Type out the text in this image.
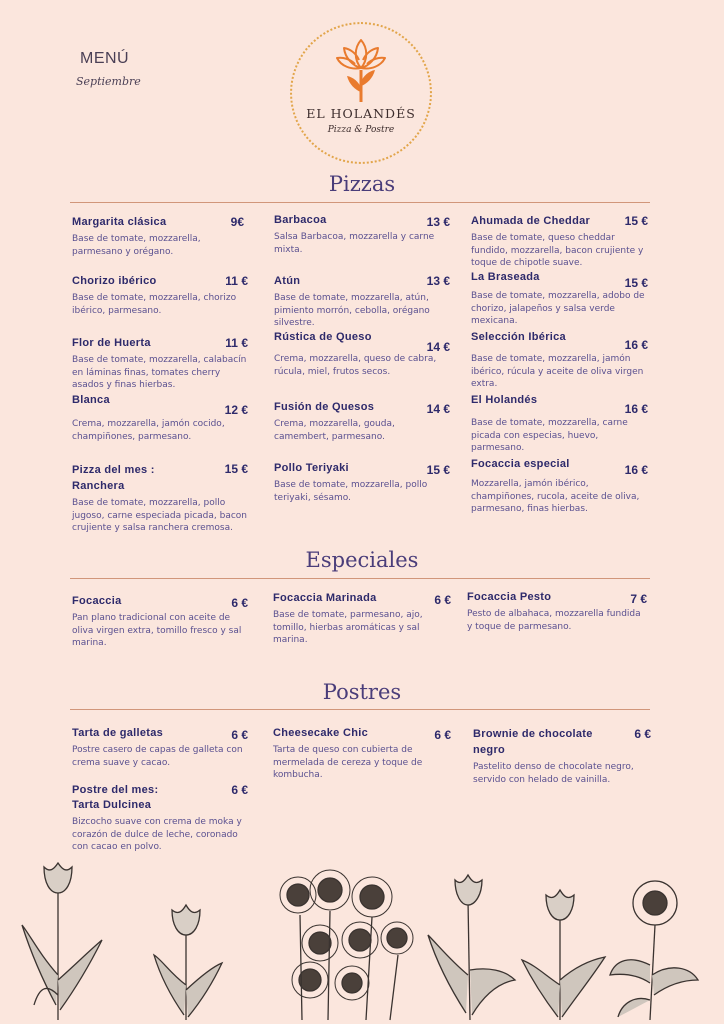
MENÚ
Septiembre
EL HOLANDÉS
Pizza & Postre
Pizzas
Margarita clásica	9€
Base de tomate, mozzarella, parmesano y orégano.
Chorizo ibérico	11 €
Base de tomate, mozzarella, chorizo ibérico, parmesano.
Flor de Huerta	11 €
Base de tomate, mozzarella, calabacín en láminas finas, tomates cherry asados y finas hierbas.
Blanca
12 €
Crema, mozzarella, jamón cocido, champiñones, parmesano.
Pizza del mes : Ranchera
15 €
Base de tomate, mozzarella, pollo jugoso, carne especiada picada, bacon crujiente y salsa ranchera cremosa.
Barbacoa	13 €
Salsa Barbacoa, mozzarella y carne mixta.
Atún	13 €
Base de tomate, mozzarella, atún, pimiento morrón, cebolla, orégano silvestre.
Rústica de Queso
14 €
Crema, mozzarella, queso de cabra, rúcula, miel, frutos secos.
Fusión de Quesos	14 €
Crema, mozzarella, gouda, camembert, parmesano.
Pollo Teriyaki	15 €
Base de tomate, mozzarella, pollo teriyaki, sésamo.
Ahumada de Cheddar	15 €
Base de tomate, queso cheddar fundido, mozzarella, bacon crujiente y toque de chipotle suave.
La Braseada	15 €
Base de tomate, mozzarella, adobo de chorizo, jalapeños y salsa verde mexicana.
Selección Ibérica
16 €
Base de tomate, mozzarella, jamón ibérico, rúcula y aceite de oliva virgen extra.
El Holandés
16 €
Base de tomate, mozzarella, carne picada con especias, huevo, parmesano.
Focaccia especial	16 €
Mozzarella, jamón ibérico, champiñones, rucola, aceite de oliva, parmesano, finas hierbas.
Especiales
Focaccia	6 €
Pan plano tradicional con aceite de oliva virgen extra, tomillo fresco y sal marina.
Focaccia Marinada	6 €
Base de tomate, parmesano, ajo, tomillo, hierbas aromáticas y sal marina.
Focaccia Pesto	7 €
Pesto de albahaca, mozzarella fundida y toque de parmesano.
Postres
Tarta de galletas	6 €
Postre casero de capas de galleta con crema suave y cacao.
Postre del mes: Tarta Dulcinea
6 €
Bizcocho suave con crema de moka y corazón de dulce de leche, coronado con cacao en polvo.
Cheesecake Chic	6 €
Tarta de queso con cubierta de mermelada de cereza y toque de kombucha.
Brownie de chocolate negro
6 €
Pastelito denso de chocolate negro, servido con helado de vainilla.
